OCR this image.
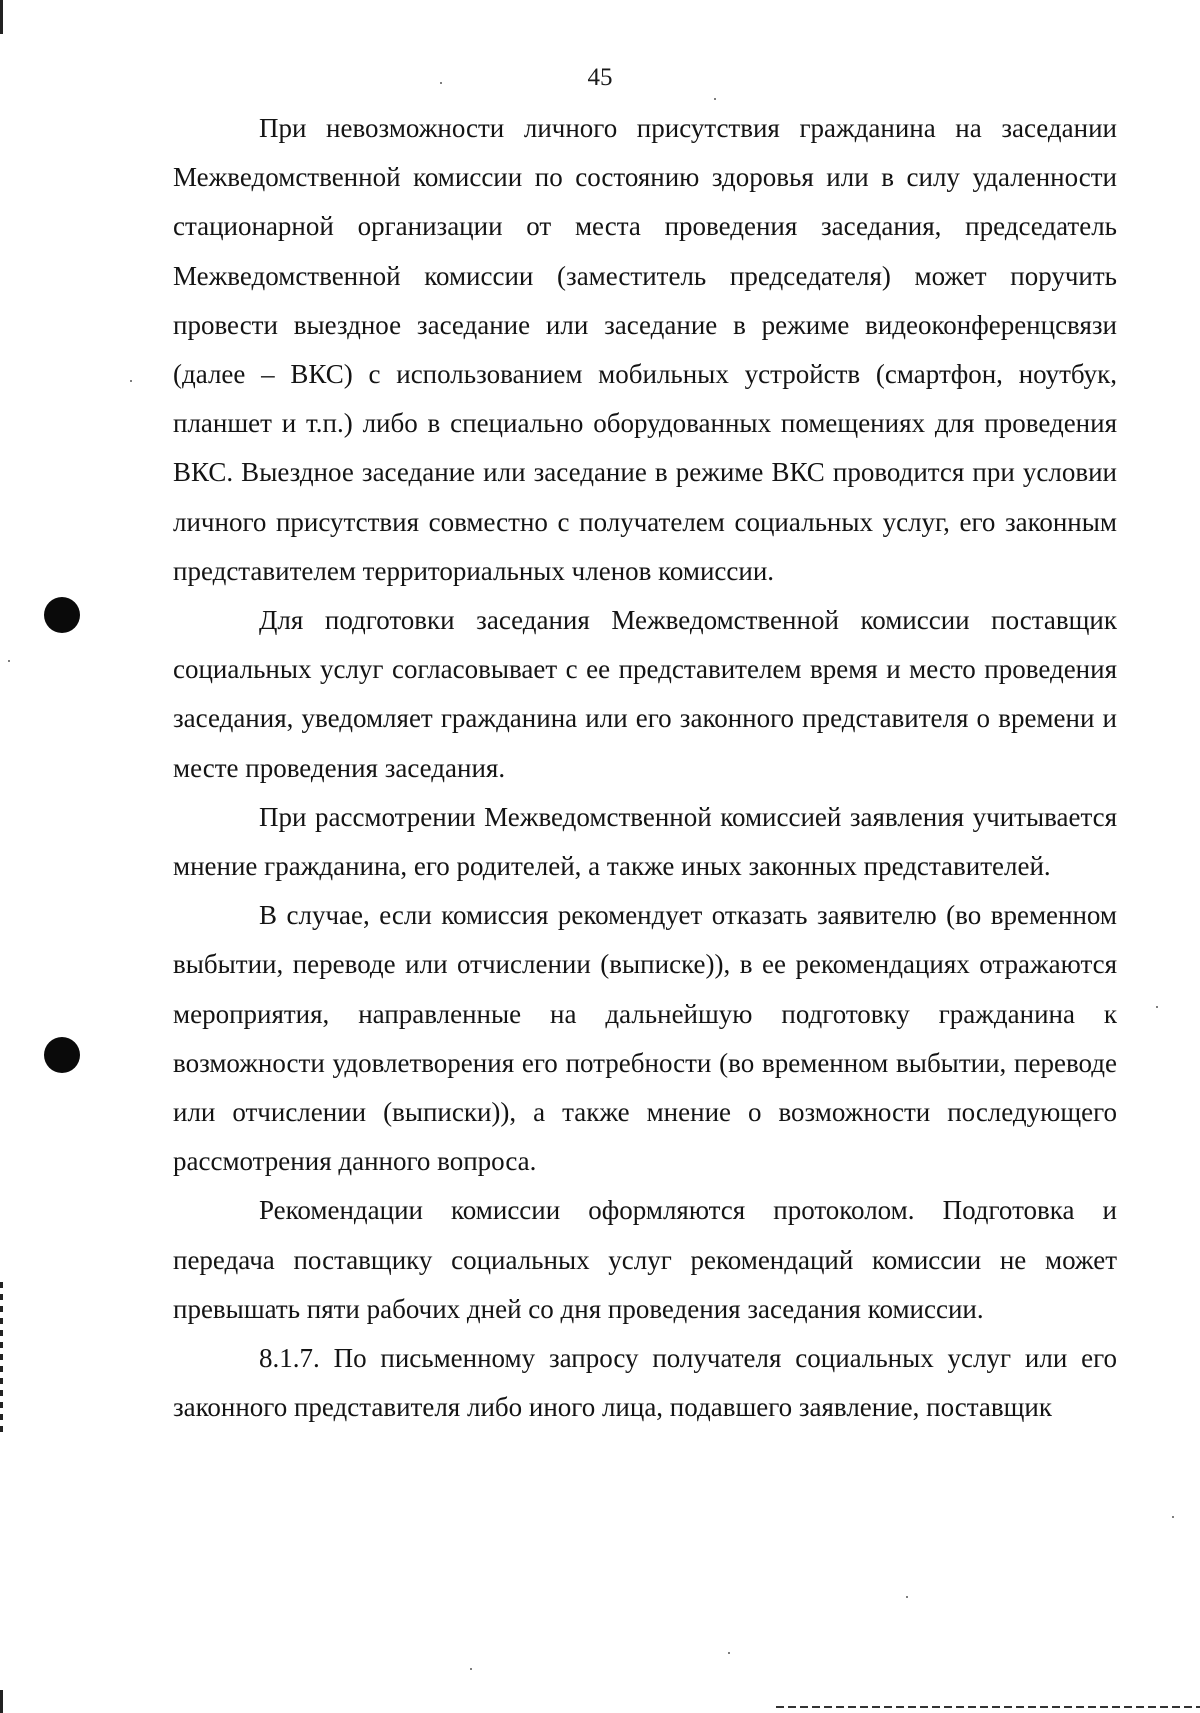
45

При невозможности личного присутствия гражданина на заседании Межведомственной комиссии по состоянию здоровья или в силу удаленности стационарной организации от места проведения заседания, председатель Межведомственной комиссии (заместитель председателя) может поручить провести выездное заседание или заседание в режиме видеоконференцсвязи (далее – ВКС) с использованием мобильных устройств (смартфон, ноутбук, планшет и т.п.) либо в специально оборудованных помещениях для проведения ВКС. Выездное заседание или заседание в режиме ВКС проводится при условии личного присутствия совместно с получателем социальных услуг, его законным представителем территориальных членов комиссии.

Для подготовки заседания Межведомственной комиссии поставщик социальных услуг согласовывает с ее представителем время и место проведения заседания, уведомляет гражданина или его законного представителя о времени и месте проведения заседания.

При рассмотрении Межведомственной комиссией заявления учитывается мнение гражданина, его родителей, а также иных законных представителей.

В случае, если комиссия рекомендует отказать заявителю (во временном выбытии, переводе или отчислении (выписке)), в ее рекомендациях отражаются мероприятия, направленные на дальнейшую подготовку гражданина к возможности удовлетворения его потребности (во временном выбытии, переводе или отчислении (выписки)), а также мнение о возможности последующего рассмотрения данного вопроса.

Рекомендации комиссии оформляются протоколом. Подготовка и передача поставщику социальных услуг рекомендаций комиссии не может превышать пяти рабочих дней со дня проведения заседания комиссии.

8.1.7. По письменному запросу получателя социальных услуг или его законного представителя либо иного лица, подавшего заявление, поставщик
